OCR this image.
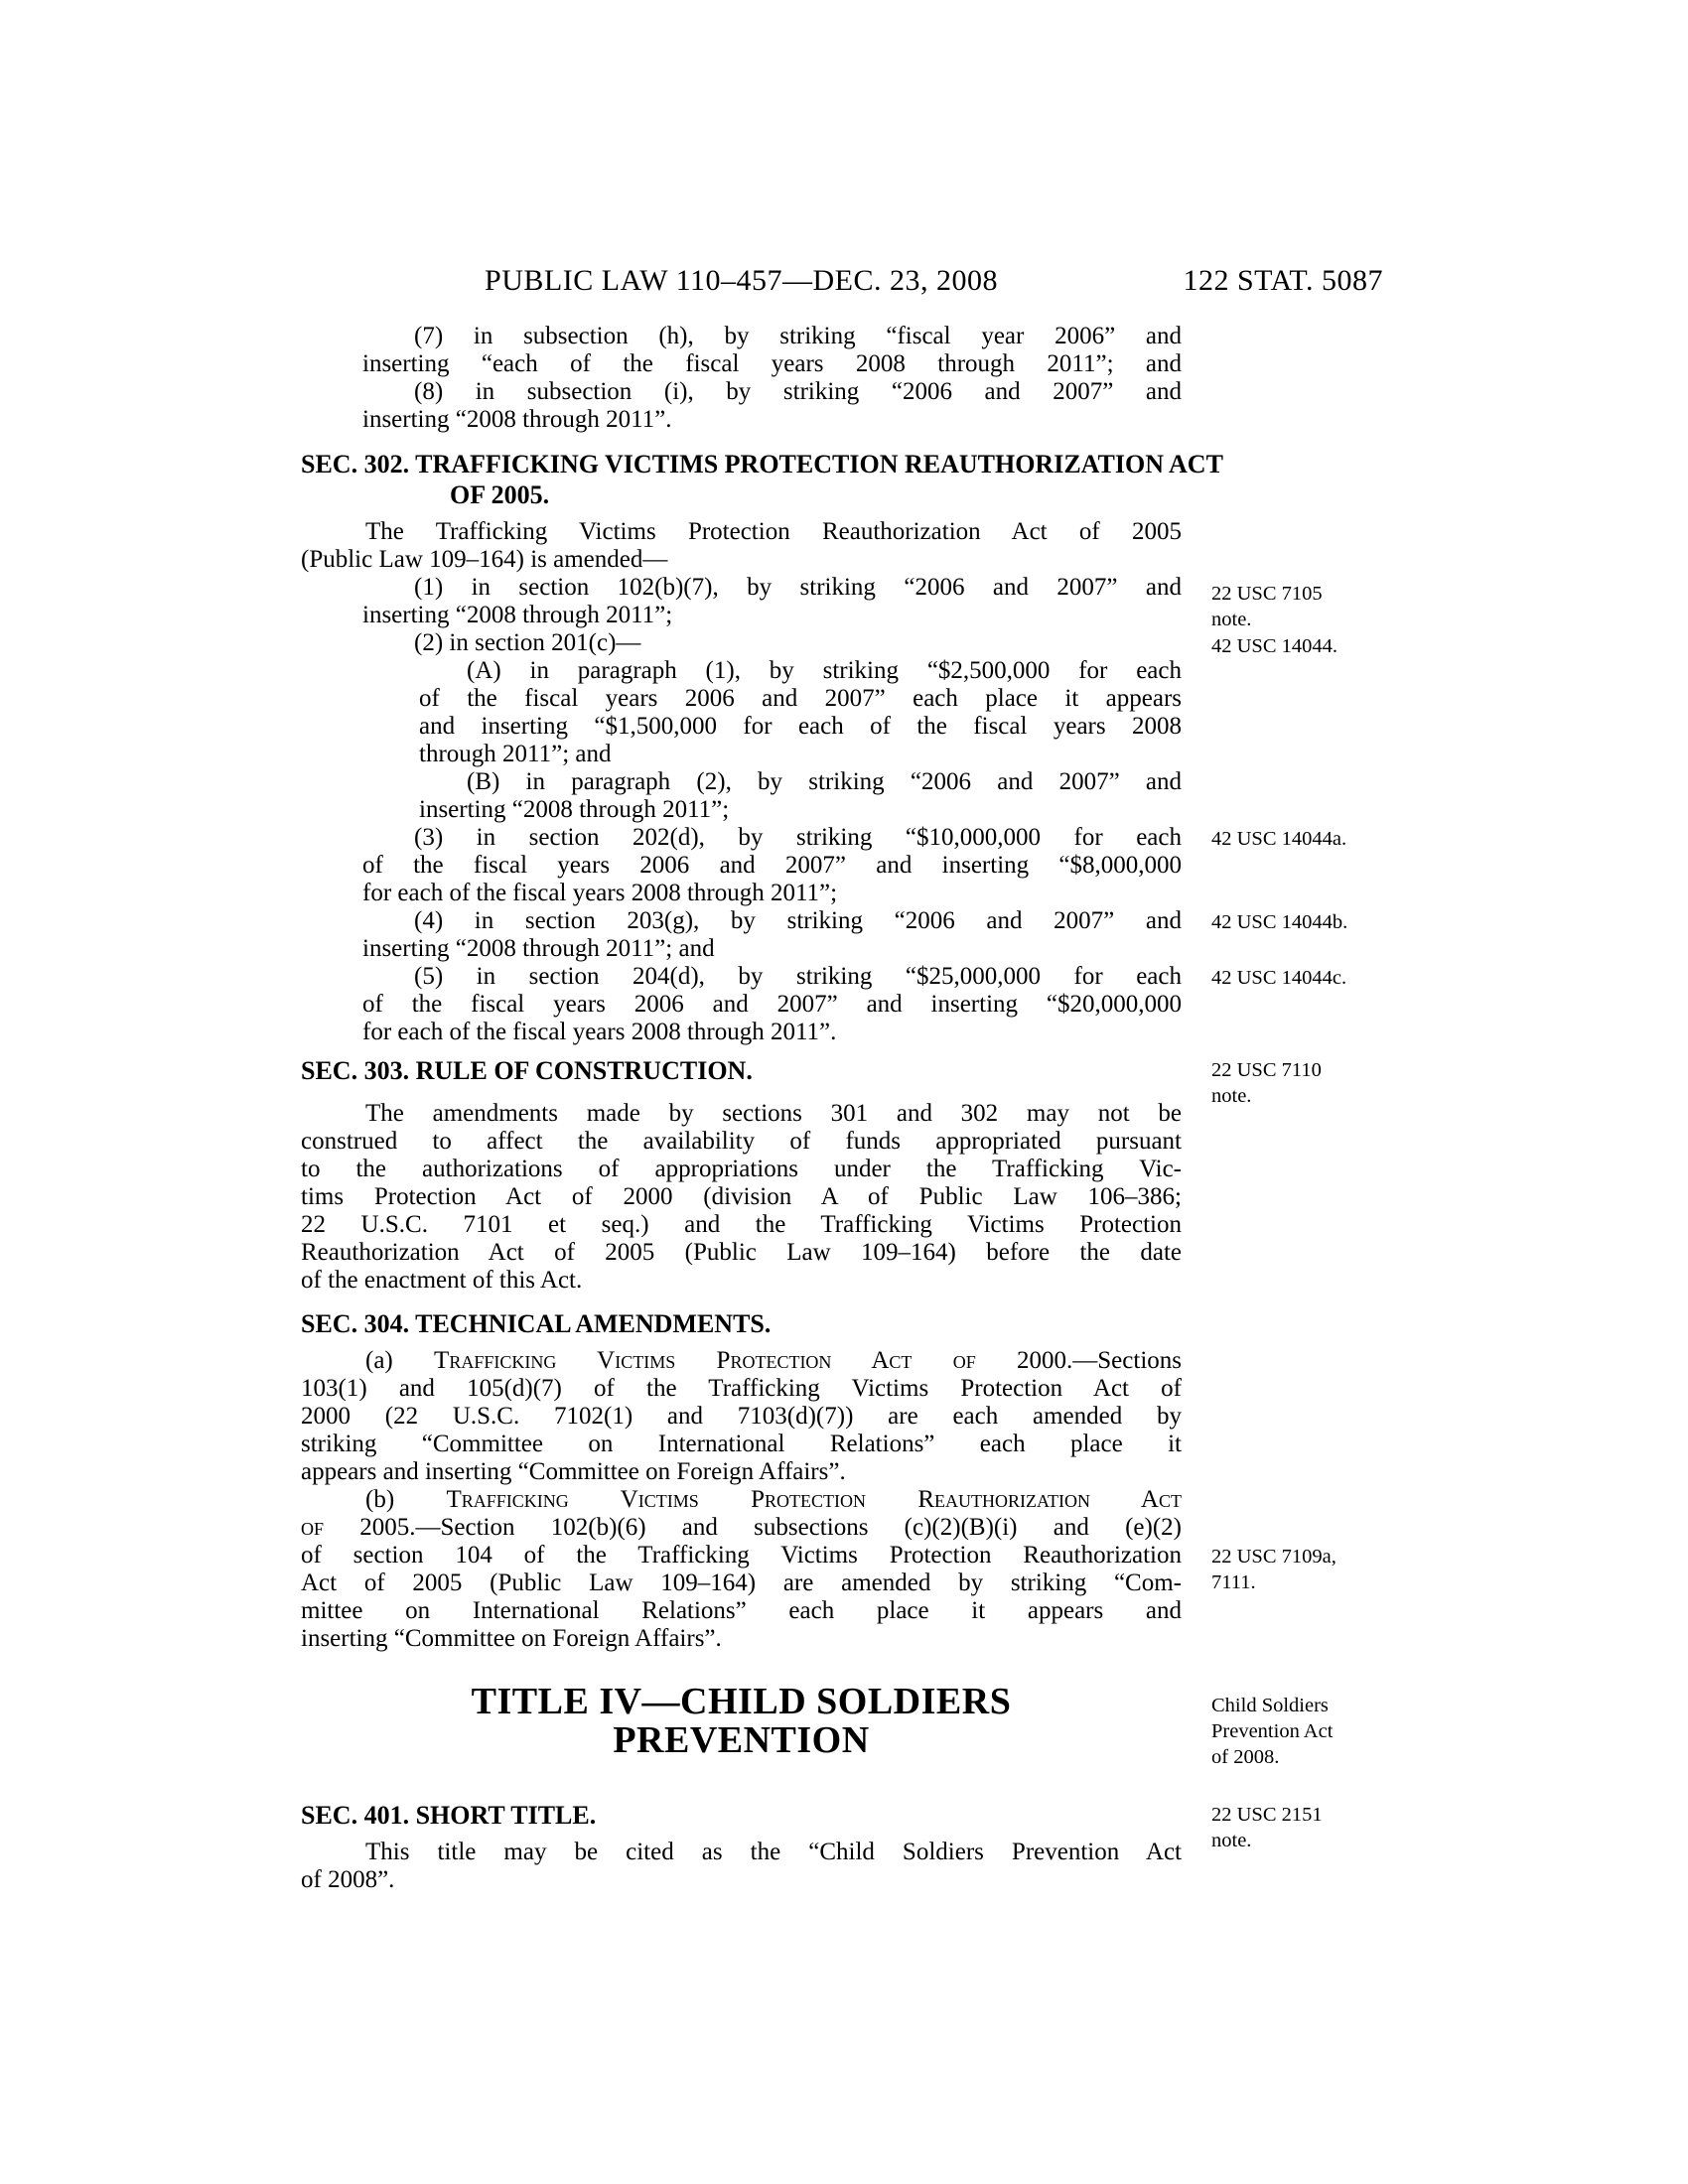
PUBLIC LAW 110–457—DEC. 23, 2008	122 STAT. 5087
(7) in subsection (h), by striking “fiscal year 2006” and
inserting “each of the fiscal years 2008 through 2011”; and
(8) in subsection (i), by striking “2006 and 2007” and
inserting “2008 through 2011”.
SEC. 302. TRAFFICKING VICTIMS PROTECTION REAUTHORIZATION ACT
OF 2005.
The Trafficking Victims Protection Reauthorization Act of 2005
(Public Law 109–164) is amended—
(1) in section 102(b)(7), by striking “2006 and 2007” and
inserting “2008 through 2011”;
(2) in section 201(c)—
(A) in paragraph (1), by striking “$2,500,000 for each
of the fiscal years 2006 and 2007” each place it appears
and inserting “$1,500,000 for each of the fiscal years 2008
through 2011”; and
(B) in paragraph (2), by striking “2006 and 2007” and
inserting “2008 through 2011”;
(3) in section 202(d), by striking “$10,000,000 for each
of the fiscal years 2006 and 2007” and inserting “$8,000,000
for each of the fiscal years 2008 through 2011”;
(4) in section 203(g), by striking “2006 and 2007” and
inserting “2008 through 2011”; and
(5) in section 204(d), by striking “$25,000,000 for each
of the fiscal years 2006 and 2007” and inserting “$20,000,000
for each of the fiscal years 2008 through 2011”.
SEC. 303. RULE OF CONSTRUCTION.
The amendments made by sections 301 and 302 may not be
construed to affect the availability of funds appropriated pursuant
to the authorizations of appropriations under the Trafficking Vic-
tims Protection Act of 2000 (division A of Public Law 106–386;
22 U.S.C. 7101 et seq.) and the Trafficking Victims Protection
Reauthorization Act of 2005 (Public Law 109–164) before the date
of the enactment of this Act.
SEC. 304. TECHNICAL AMENDMENTS.
(a) Trafficking Victims Protection Act of 2000.—Sections
103(1) and 105(d)(7) of the Trafficking Victims Protection Act of
2000 (22 U.S.C. 7102(1) and 7103(d)(7)) are each amended by
striking “Committee on International Relations” each place it
appears and inserting “Committee on Foreign Affairs”.
(b) Trafficking Victims Protection Reauthorization Act
of 2005.—Section 102(b)(6) and subsections (c)(2)(B)(i) and (e)(2)
of section 104 of the Trafficking Victims Protection Reauthorization
Act of 2005 (Public Law 109–164) are amended by striking “Com-
mittee on International Relations” each place it appears and
inserting “Committee on Foreign Affairs”.
TITLE IV—CHILD SOLDIERS
PREVENTION
SEC. 401. SHORT TITLE.
This title may be cited as the “Child Soldiers Prevention Act
of 2008”.
22 USC 7105
note.
42 USC 14044.
42 USC 14044a.
42 USC 14044b.
42 USC 14044c.
22 USC 7110
note.
22 USC 7109a,
7111.
Child Soldiers
Prevention Act
of 2008.
22 USC 2151
note.
